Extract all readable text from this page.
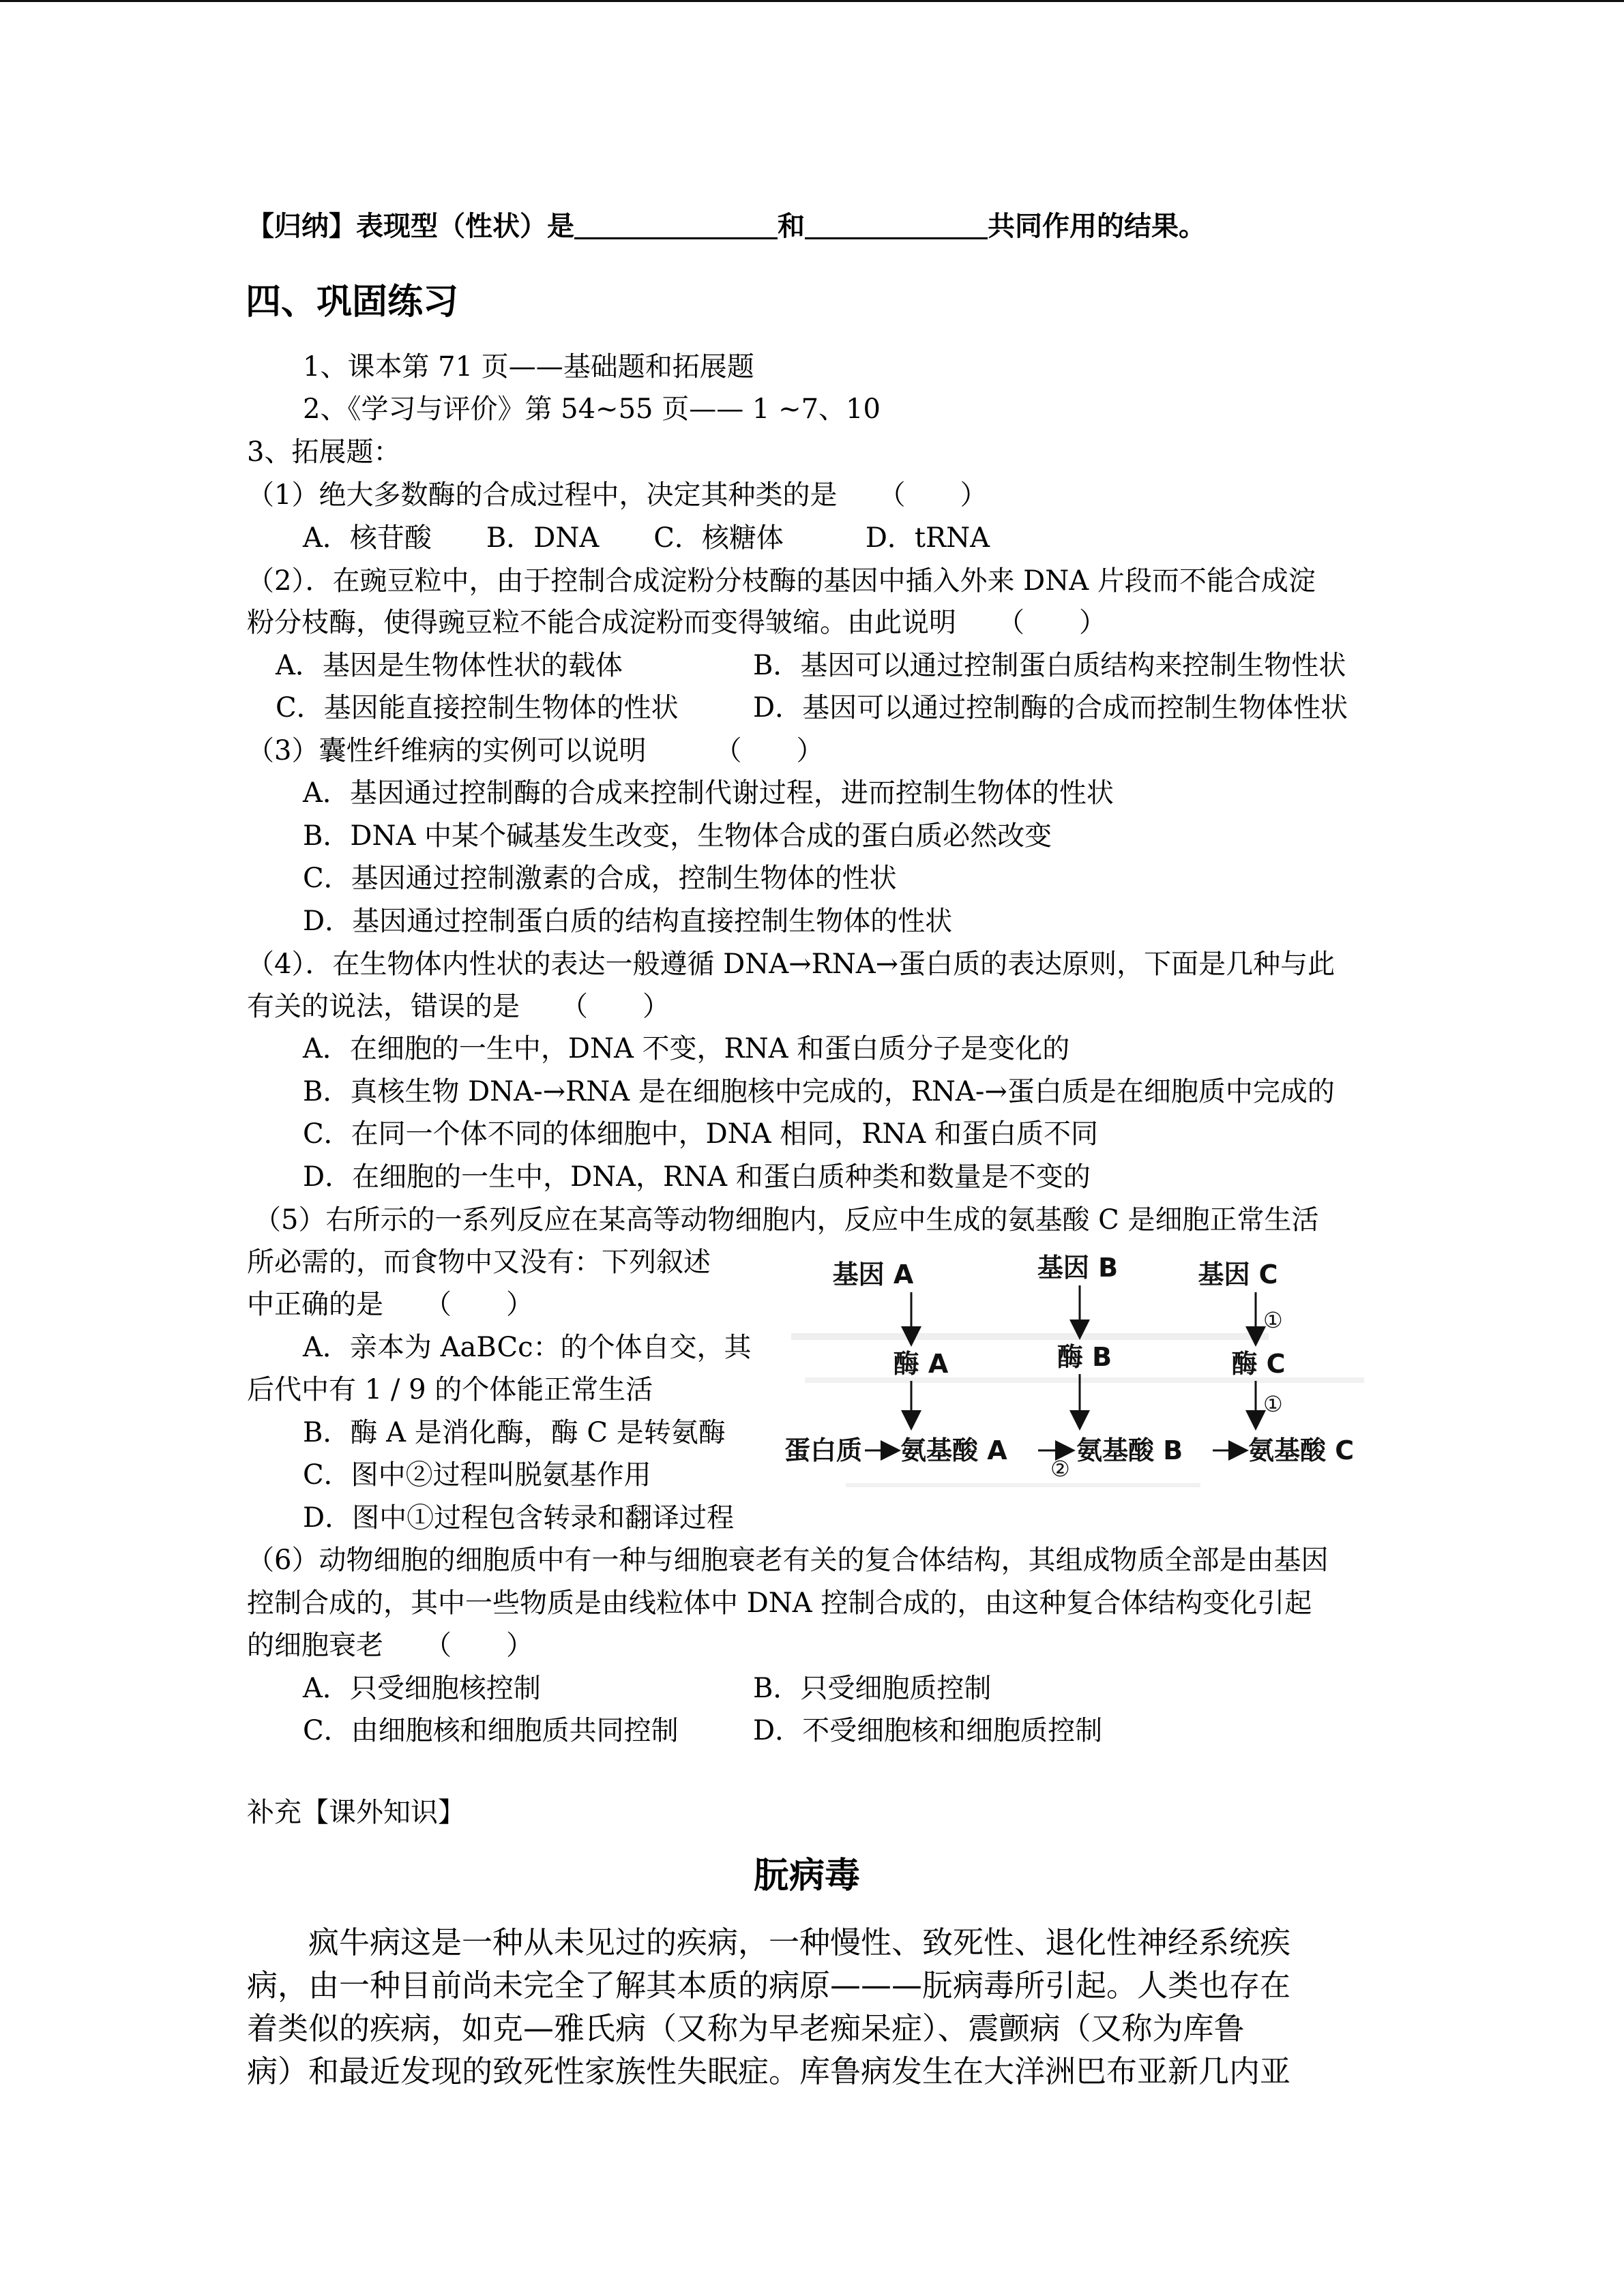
【归纳】表现型（性状）是	和	共同作用的结果。
四、巩固练习
1、课本第 71 页——基础题和拓展题
2、《学习与评价》第 54~55 页—— 1 ~7、10
3、拓展题：
（1）绝大多数酶的合成过程中，决定其种类的是　　（　　）
A．核苷酸　　B．DNA　　C．核糖体　　　D．tRNA
（2）．在豌豆粒中，由于控制合成淀粉分枝酶的基因中插入外来 DNA 片段而不能合成淀
粉分枝酶，使得豌豆粒不能合成淀粉而变得皱缩。由此说明　　（　　）
A．基因是生物体性状的载体	B．基因可以通过控制蛋白质结构来控制生物性状
C．基因能直接控制生物体的性状	D．基因可以通过控制酶的合成而控制生物体性状
（3）囊性纤维病的实例可以说明　　　（　　）
A．基因通过控制酶的合成来控制代谢过程，进而控制生物体的性状
B．DNA 中某个碱基发生改变，生物体合成的蛋白质必然改变
C．基因通过控制激素的合成，控制生物体的性状
D．基因通过控制蛋白质的结构直接控制生物体的性状
（4）．在生物体内性状的表达一般遵循 DNA→RNA→蛋白质的表达原则，下面是几种与此
有关的说法，错误的是　　（　　）
A．在细胞的一生中，DNA 不变，RNA 和蛋白质分子是变化的
B．真核生物 DNA-→RNA 是在细胞核中完成的，RNA-→蛋白质是在细胞质中完成的
C．在同一个体不同的体细胞中，DNA 相同，RNA 和蛋白质不同
D．在细胞的一生中，DNA，RNA 和蛋白质种类和数量是不变的
（5）右所示的一系列反应在某高等动物细胞内，反应中生成的氨基酸 C 是细胞正常生活
所必需的，而食物中又没有：下列叙述
中正确的是　　（　　）
A．亲本为 AaBCc：的个体自交，其
后代中有 1 / 9 的个体能正常生活
B．酶 A 是消化酶，酶 C 是转氨酶
C．图中②过程叫脱氨基作用
D．图中①过程包含转录和翻译过程
基因 A	基因 B	基因 C
①
酶 A	酶 B	酶 C
①
蛋白质 氨基酸 A
②
氨基酸 B	氨基酸 C
（6）动物细胞的细胞质中有一种与细胞衰老有关的复合体结构，其组成物质全部是由基因
控制合成的，其中一些物质是由线粒体中 DNA 控制合成的，由这种复合体结构变化引起
的细胞衰老　　（　　）
A．只受细胞核控制	B．只受细胞质控制
C．由细胞核和细胞质共同控制	D．不受细胞核和细胞质控制
补充【课外知识】
朊病毒
　　疯牛病这是一种从未见过的疾病，一种慢性、致死性、退化性神经系统疾
病，由一种目前尚未完全了解其本质的病原———朊病毒所引起。人类也存在
着类似的疾病，如克—雅氏病（又称为早老痴呆症）、震颤病（又称为库鲁
病）和最近发现的致死性家族性失眠症。库鲁病发生在大洋洲巴布亚新几内亚
